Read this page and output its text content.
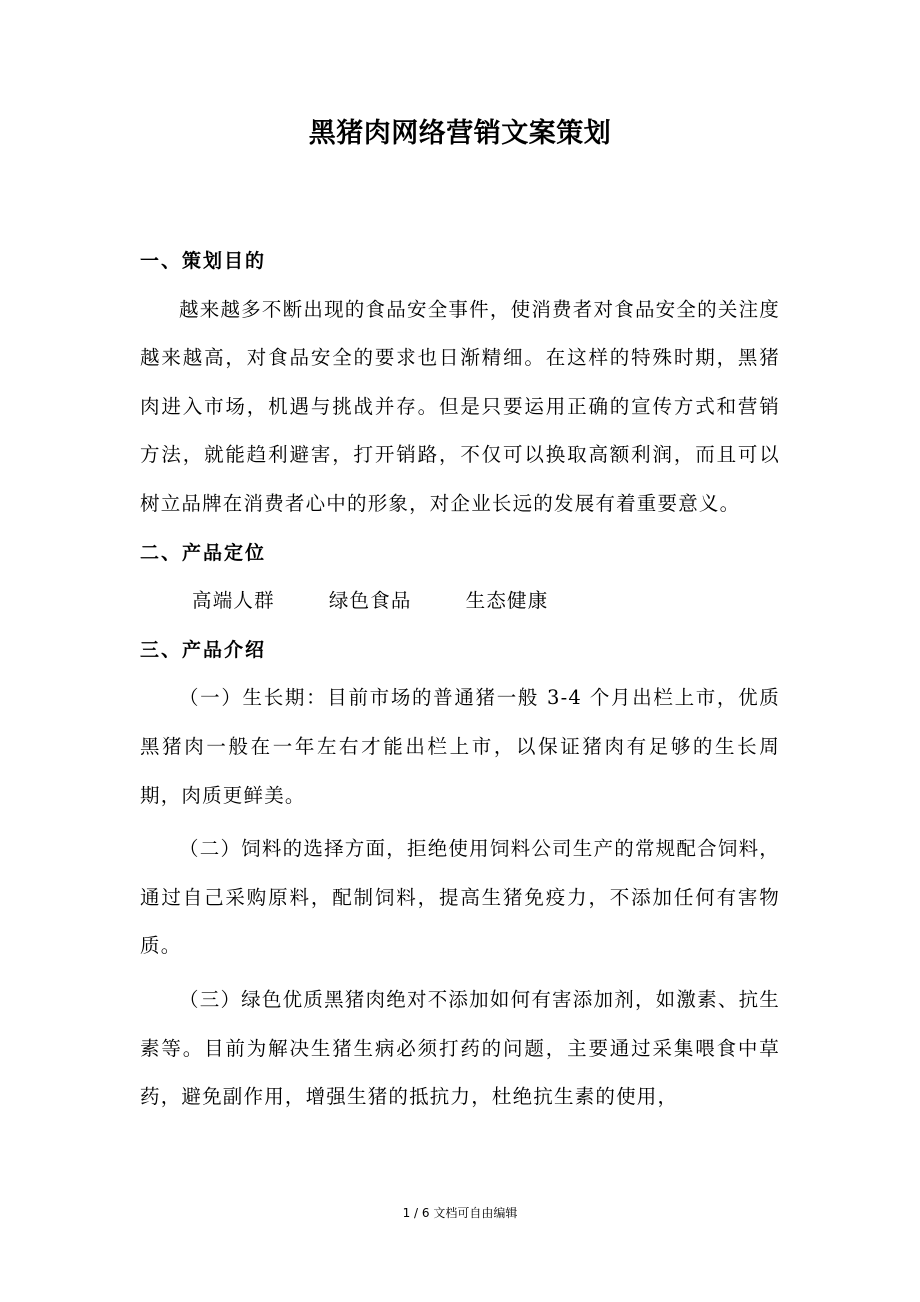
黑猪肉网络营销文案策划

一、策划目的

越来越多不断出现的食品安全事件，使消费者对食品安全的关注度越来越高，对食品安全的要求也日渐精细。在这样的特殊时期，黑猪肉进入市场，机遇与挑战并存。但是只要运用正确的宣传方式和营销方法，就能趋利避害，打开销路，不仅可以换取高额利润，而且可以树立品牌在消费者心中的形象，对企业长远的发展有着重要意义。

二、产品定位

高端人群	绿色食品	生态健康

三、产品介绍

（一）生长期：目前市场的普通猪一般 3-4 个月出栏上市，优质黑猪肉一般在一年左右才能出栏上市，以保证猪肉有足够的生长周期，肉质更鲜美。

（二）饲料的选择方面，拒绝使用饲料公司生产的常规配合饲料，通过自己采购原料，配制饲料，提高生猪免疫力，不添加任何有害物质。

（三）绿色优质黑猪肉绝对不添加如何有害添加剂，如激素、抗生素等。目前为解决生猪生病必须打药的问题，主要通过采集喂食中草药，避免副作用，增强生猪的抵抗力，杜绝抗生素的使用，

1 / 6 文档可自由编辑
